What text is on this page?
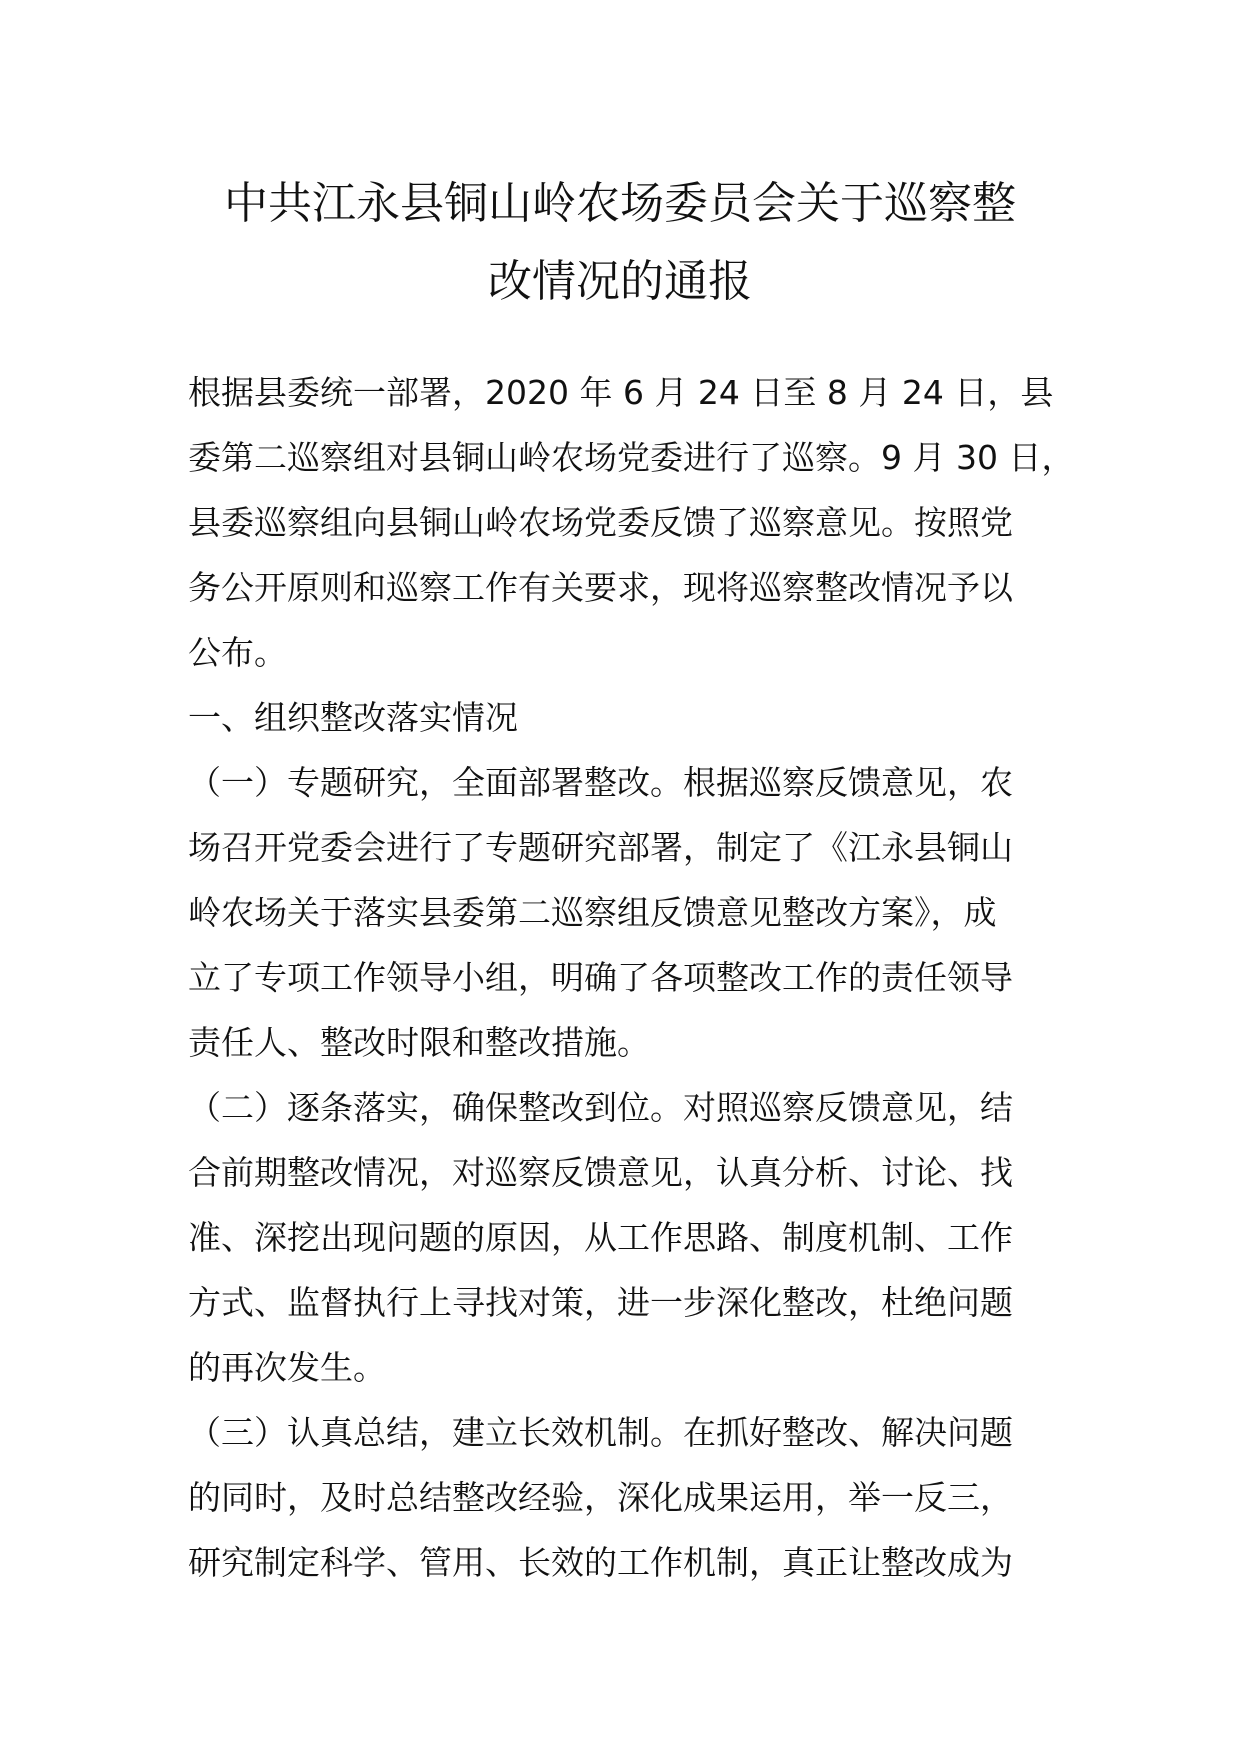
中共江永县铜山岭农场委员会关于巡察整
改情况的通报
根据县委统一部署，2020 年 6 月 24 日至 8 月 24 日，县
委第二巡察组对县铜山岭农场党委进行了巡察。9 月 30 日，
县委巡察组向县铜山岭农场党委反馈了巡察意见。按照党
务公开原则和巡察工作有关要求，现将巡察整改情况予以
公布。
一、组织整改落实情况
（一）专题研究，全面部署整改。根据巡察反馈意见，农
场召开党委会进行了专题研究部署，制定了《江永县铜山
岭农场关于落实县委第二巡察组反馈意见整改方案》，成
立了专项工作领导小组，明确了各项整改工作的责任领导
责任人、整改时限和整改措施。
（二）逐条落实，确保整改到位。对照巡察反馈意见，结
合前期整改情况，对巡察反馈意见，认真分析、讨论、找
准、深挖出现问题的原因，从工作思路、制度机制、工作
方式、监督执行上寻找对策，进一步深化整改，杜绝问题
的再次发生。
（三）认真总结，建立长效机制。在抓好整改、解决问题
的同时，及时总结整改经验，深化成果运用，举一反三，
研究制定科学、管用、长效的工作机制，真正让整改成为
